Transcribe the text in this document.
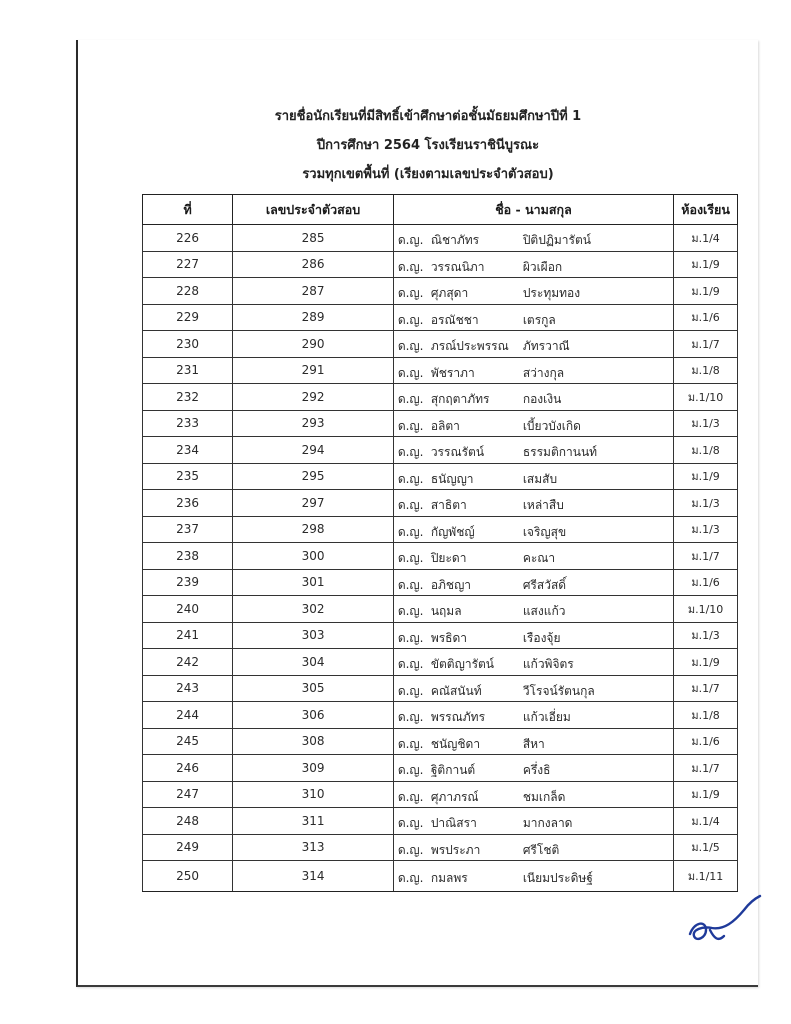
รายชื่อนักเรียนที่มีสิทธิ์เข้าศึกษาต่อชั้นมัธยมศึกษาปีที่ 1
ปีการศึกษา 2564 โรงเรียนราชินีบูรณะ
รวมทุกเขตพื้นที่ (เรียงตามเลขประจำตัวสอบ)
ที่	เลขประจำตัวสอบ	ชื่อ - นามสกุล	ห้องเรียน
226	285	ด.ญ. ณิชาภัทร ปิติปฏิมารัตน์	ม.1/4
227	286	ด.ญ. วรรณนิภา ผิวเผือก	ม.1/9
228	287	ด.ญ. ศุภสุดา ประทุมทอง	ม.1/9
229	289	ด.ญ. อรณัชชา เตรกูล	ม.1/6
230	290	ด.ญ. ภรณ์ประพรรณ ภัทรวาณี	ม.1/7
231	291	ด.ญ. พัชราภา สว่างกุล	ม.1/8
232	292	ด.ญ. สุกฤตาภัทร กองเงิน	ม.1/10
233	293	ด.ญ. อลิตา เบี้ยวบังเกิด	ม.1/3
234	294	ด.ญ. วรรณรัตน์ ธรรมติกานนท์	ม.1/8
235	295	ด.ญ. ธนัญญา เสมสับ	ม.1/9
236	297	ด.ญ. สาธิตา เหล่าสืบ	ม.1/3
237	298	ด.ญ. กัญพัชญ์ เจริญสุข	ม.1/3
238	300	ด.ญ. ปิยะดา คะณา	ม.1/7
239	301	ด.ญ. อภิชญา ศรีสวัสดิ์	ม.1/6
240	302	ด.ญ. นฤมล แสงแก้ว	ม.1/10
241	303	ด.ญ. พรธิดา เรืองจุ้ย	ม.1/3
242	304	ด.ญ. ขัตติญารัตน์ แก้วพิจิตร	ม.1/9
243	305	ด.ญ. คณัสนันท์ วีโรจน์รัตนกุล	ม.1/7
244	306	ด.ญ. พรรณภัทร แก้วเอี่ยม	ม.1/8
245	308	ด.ญ. ชนัญชิดา สีหา	ม.1/6
246	309	ด.ญ. ฐิติกานต์ ครึ่งธิ	ม.1/7
247	310	ด.ญ. ศุภาภรณ์ ชมเกล็ด	ม.1/9
248	311	ด.ญ. ปาณิสรา มากงลาด	ม.1/4
249	313	ด.ญ. พรประภา ศรีโชติ	ม.1/5
250	314	ด.ญ. กมลพร เนียมประดิษฐ์	ม.1/11
